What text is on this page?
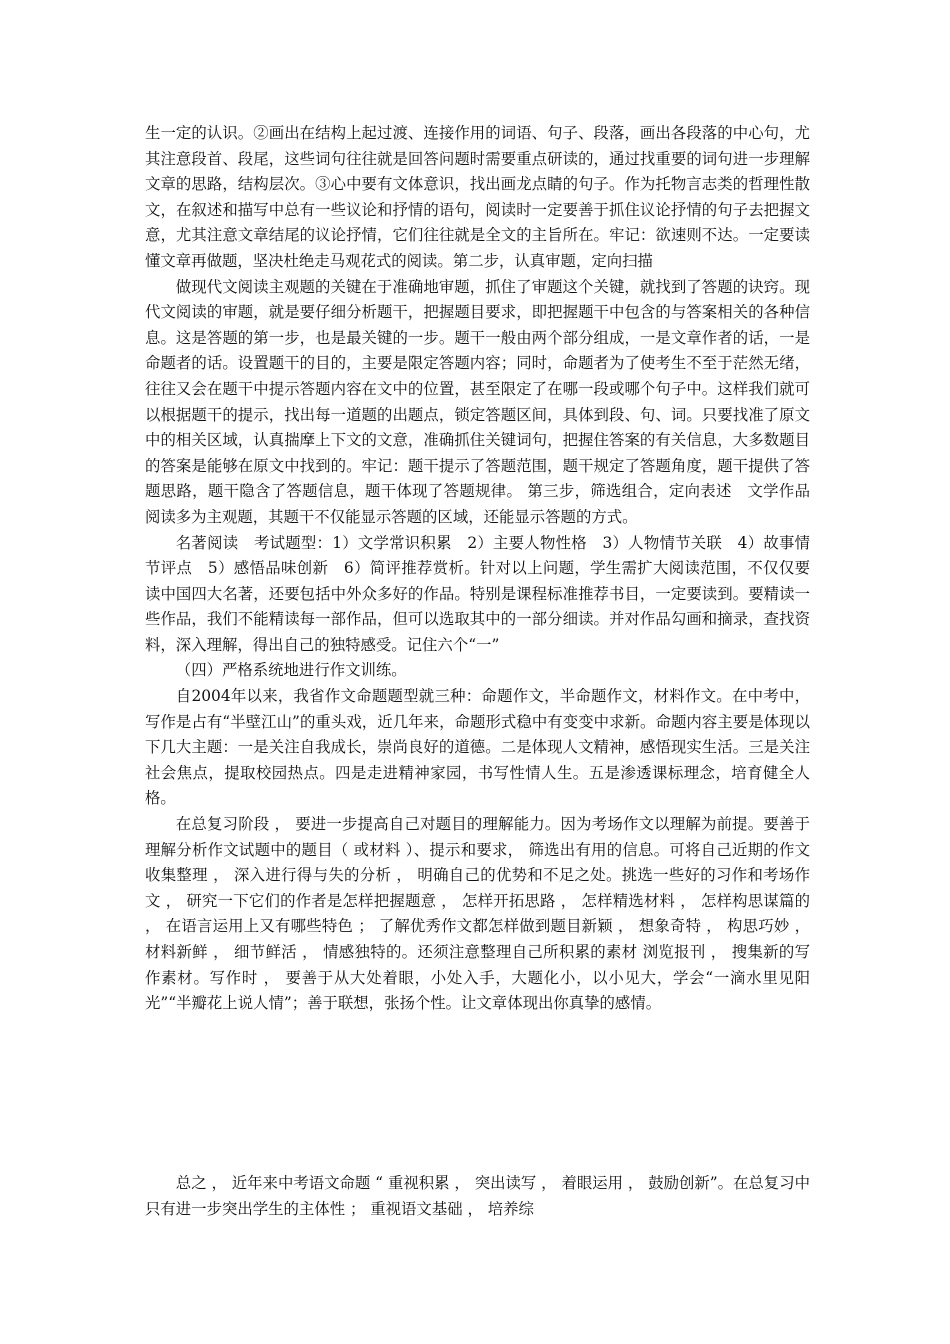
生一定的认识。②画出在结构上起过渡、连接作用的词语、句子、段落，画出各段落的中心句，尤其注意段首、段尾，这些词句往往就是回答问题时需要重点研读的，通过找重要的词句进一步理解文章的思路，结构层次。③心中要有文体意识，找出画龙点睛的句子。作为托物言志类的哲理性散文，在叙述和描写中总有一些议论和抒情的语句，阅读时一定要善于抓住议论抒情的句子去把握文意，尤其注意文章结尾的议论抒情，它们往往就是全文的主旨所在。牢记：欲速则不达。一定要读懂文章再做题，坚决杜绝走马观花式的阅读。第二步，认真审题，定向扫描

做现代文阅读主观题的关键在于准确地审题，抓住了审题这个关键，就找到了答题的诀窍。现代文阅读的审题，就是要仔细分析题干，把握题目要求，即把握题干中包含的与答案相关的各种信息。这是答题的第一步，也是最关键的一步。题干一般由两个部分组成，一是文章作者的话，一是命题者的话。设置题干的目的，主要是限定答题内容；同时，命题者为了使考生不至于茫然无绪，往往又会在题干中提示答题内容在文中的位置，甚至限定了在哪一段或哪个句子中。这样我们就可以根据题干的提示，找出每一道题的出题点，锁定答题区间，具体到段、句、词。只要找准了原文中的相关区域，认真揣摩上下文的文意，准确抓住关键词句，把握住答案的有关信息，大多数题目的答案是能够在原文中找到的。牢记：题干提示了答题范围，题干规定了答题角度，题干提供了答题思路，题干隐含了答题信息，题干体现了答题规律。 第三步，筛选组合，定向表述　文学作品阅读多为主观题，其题干不仅能显示答题的区域，还能显示答题的方式。

名著阅读　考试题型：1）文学常识积累　2）主要人物性格　3）人物情节关联　4）故事情节评点　5）感悟品味创新　6）简评推荐赏析。针对以上问题，学生需扩大阅读范围，不仅仅要读中国四大名著，还要包括中外众多好的作品。特别是课程标准推荐书目，一定要读到。要精读一些作品，我们不能精读每一部作品，但可以选取其中的一部分细读。并对作品勾画和摘录，查找资料，深入理解，得出自己的独特感受。记住六个“一”

（四）严格系统地进行作文训练。

自2004年以来，我省作文命题题型就三种：命题作文，半命题作文，材料作文。在中考中，写作是占有“半壁江山”的重头戏，近几年来，命题形式稳中有变变中求新。命题内容主要是体现以下几大主题：一是关注自我成长，崇尚良好的道德。二是体现人文精神，感悟现实生活。三是关注社会焦点，提取校园热点。四是走进精神家园，书写性情人生。五是渗透课标理念，培育健全人格。

在总复习阶段 ， 要进一步提高自己对题目的理解能力。因为考场作文以理解为前提。要善于理解分析作文试题中的题目（ 或材料 ）、提示和要求， 筛选出有用的信息。可将自己近期的作文收集整理 ， 深入进行得与失的分析 ， 明确自己的优势和不足之处。挑选一些好的习作和考场作文 ， 研究一下它们的作者是怎样把握题意 ， 怎样开拓思路 ， 怎样精选材料 ， 怎样构思谋篇的 ， 在语言运用上又有哪些特色 ； 了解优秀作文都怎样做到题目新颖 ， 想象奇特 ， 构思巧妙 ， 材料新鲜 ， 细节鲜活 ， 情感独特的。还须注意整理自己所积累的素材 浏览报刊 ， 搜集新的写作素材。写作时 ， 要善于从大处着眼，小处入手，大题化小，以小见大，学会“一滴水里见阳光”“半瓣花上说人情”；善于联想，张扬个性。让文章体现出你真挚的感情。

总之 ， 近年来中考语文命题 “ 重视积累 ， 突出读写 ， 着眼运用 ， 鼓励创新”。在总复习中只有进一步突出学生的主体性 ； 重视语文基础 ， 培养综
